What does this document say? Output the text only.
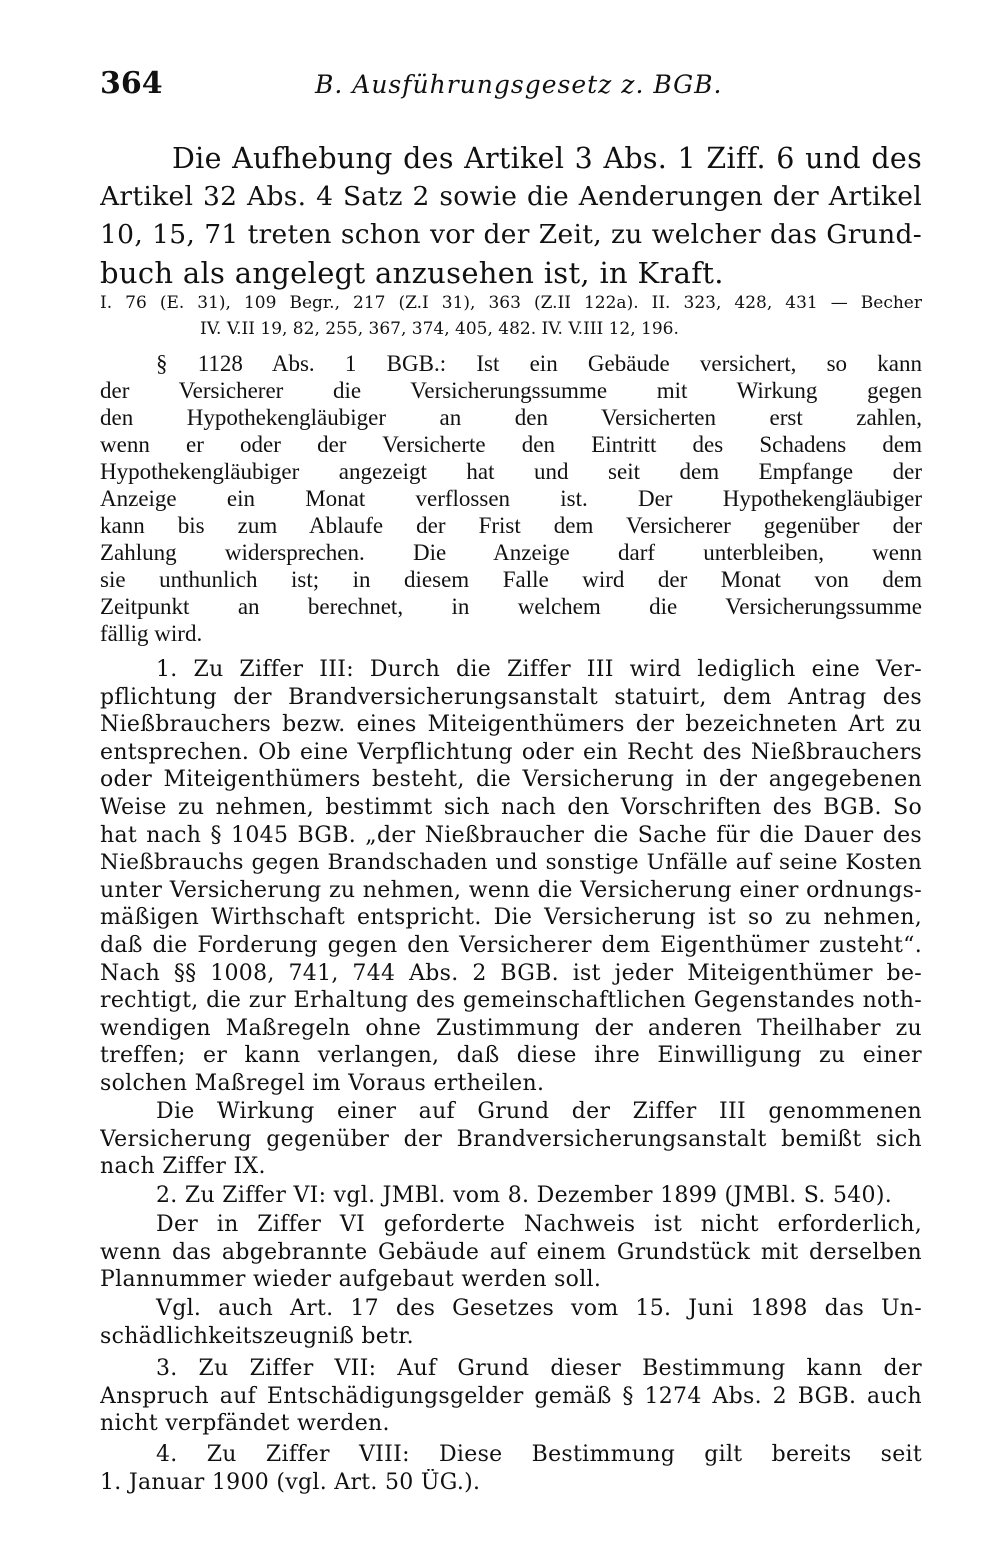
364	B. Ausführungsgesetz z. BGB.
Die Aufhebung des Artikel 3 Abs. 1 Ziff. 6 und des
Artikel 32 Abs. 4 Satz 2 sowie die Aenderungen der Artikel
10, 15, 71 treten schon vor der Zeit, zu welcher das Grund-
buch als angelegt anzusehen ist, in Kraft.
I. 76 (E. 31), 109 Begr., 217 (Z.I 31), 363 (Z.II 122a). II. 323, 428, 431 — Becher
IV. V.II 19, 82, 255, 367, 374, 405, 482. IV. V.III 12, 196.
§ 1128 Abs. 1 BGB.: Ist ein Gebäude versichert, so kann
der Versicherer die Versicherungssumme mit Wirkung gegen
den Hypothekengläubiger an den Versicherten erst zahlen,
wenn er oder der Versicherte den Eintritt des Schadens dem
Hypothekengläubiger angezeigt hat und seit dem Empfange der
Anzeige ein Monat verflossen ist. Der Hypothekengläubiger
kann bis zum Ablaufe der Frist dem Versicherer gegenüber der
Zahlung widersprechen. Die Anzeige darf unterbleiben, wenn
sie unthunlich ist; in diesem Falle wird der Monat von dem
Zeitpunkt an berechnet, in welchem die Versicherungssumme
fällig wird.
1. Zu Ziffer III: Durch die Ziffer III wird lediglich eine Ver-
pflichtung der Brandversicherungsanstalt statuirt, dem Antrag des
Nießbrauchers bezw. eines Miteigenthümers der bezeichneten Art zu
entsprechen. Ob eine Verpflichtung oder ein Recht des Nießbrauchers
oder Miteigenthümers besteht, die Versicherung in der angegebenen
Weise zu nehmen, bestimmt sich nach den Vorschriften des BGB. So
hat nach § 1045 BGB. „der Nießbraucher die Sache für die Dauer des
Nießbrauchs gegen Brandschaden und sonstige Unfälle auf seine Kosten
unter Versicherung zu nehmen, wenn die Versicherung einer ordnungs-
mäßigen Wirthschaft entspricht. Die Versicherung ist so zu nehmen,
daß die Forderung gegen den Versicherer dem Eigenthümer zusteht“.
Nach §§ 1008, 741, 744 Abs. 2 BGB. ist jeder Miteigenthümer be-
rechtigt, die zur Erhaltung des gemeinschaftlichen Gegenstandes noth-
wendigen Maßregeln ohne Zustimmung der anderen Theilhaber zu
treffen; er kann verlangen, daß diese ihre Einwilligung zu einer
solchen Maßregel im Voraus ertheilen.
Die Wirkung einer auf Grund der Ziffer III genommenen
Versicherung gegenüber der Brandversicherungsanstalt bemißt sich
nach Ziffer IX.
2. Zu Ziffer VI: vgl. JMBl. vom 8. Dezember 1899 (JMBl. S. 540).
Der in Ziffer VI geforderte Nachweis ist nicht erforderlich,
wenn das abgebrannte Gebäude auf einem Grundstück mit derselben
Plannummer wieder aufgebaut werden soll.
Vgl. auch Art. 17 des Gesetzes vom 15. Juni 1898 das Un-
schädlichkeitszeugniß betr.
3. Zu Ziffer VII: Auf Grund dieser Bestimmung kann der
Anspruch auf Entschädigungsgelder gemäß § 1274 Abs. 2 BGB. auch
nicht verpfändet werden.
4. Zu Ziffer VIII: Diese Bestimmung gilt bereits seit
1. Januar 1900 (vgl. Art. 50 ÜG.).
